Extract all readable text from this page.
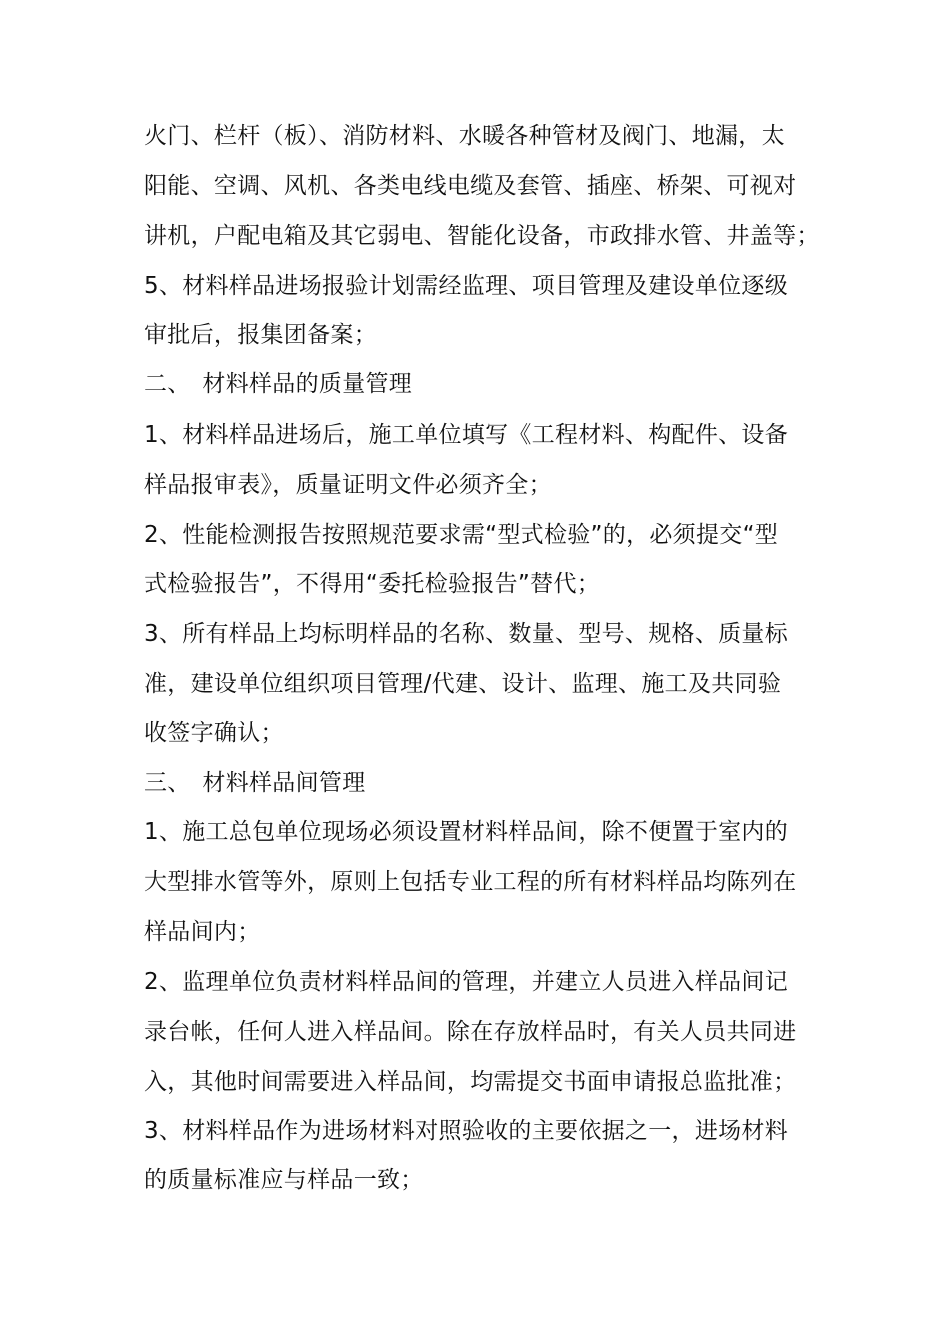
火门、栏杆（板）、消防材料、水暖各种管材及阀门、地漏，太
阳能、空调、风机、各类电线电缆及套管、插座、桥架、可视对
讲机，户配电箱及其它弱电、智能化设备，市政排水管、井盖等；
5、材料样品进场报验计划需经监理、项目管理及建设单位逐级
审批后，报集团备案；
二、　材料样品的质量管理
1、材料样品进场后，施工单位填写《工程材料、构配件、设备
样品报审表》，质量证明文件必须齐全；
2、性能检测报告按照规范要求需“型式检验”的，必须提交“型
式检验报告”，不得用“委托检验报告”替代；
3、所有样品上均标明样品的名称、数量、型号、规格、质量标
准，建设单位组织项目管理/代建、设计、监理、施工及共同验
收签字确认；
三、　材料样品间管理
1、施工总包单位现场必须设置材料样品间，除不便置于室内的
大型排水管等外，原则上包括专业工程的所有材料样品均陈列在
样品间内；
2、监理单位负责材料样品间的管理，并建立人员进入样品间记
录台帐，任何人进入样品间。除在存放样品时，有关人员共同进
入，其他时间需要进入样品间，均需提交书面申请报总监批准；
3、材料样品作为进场材料对照验收的主要依据之一，进场材料
的质量标准应与样品一致；
